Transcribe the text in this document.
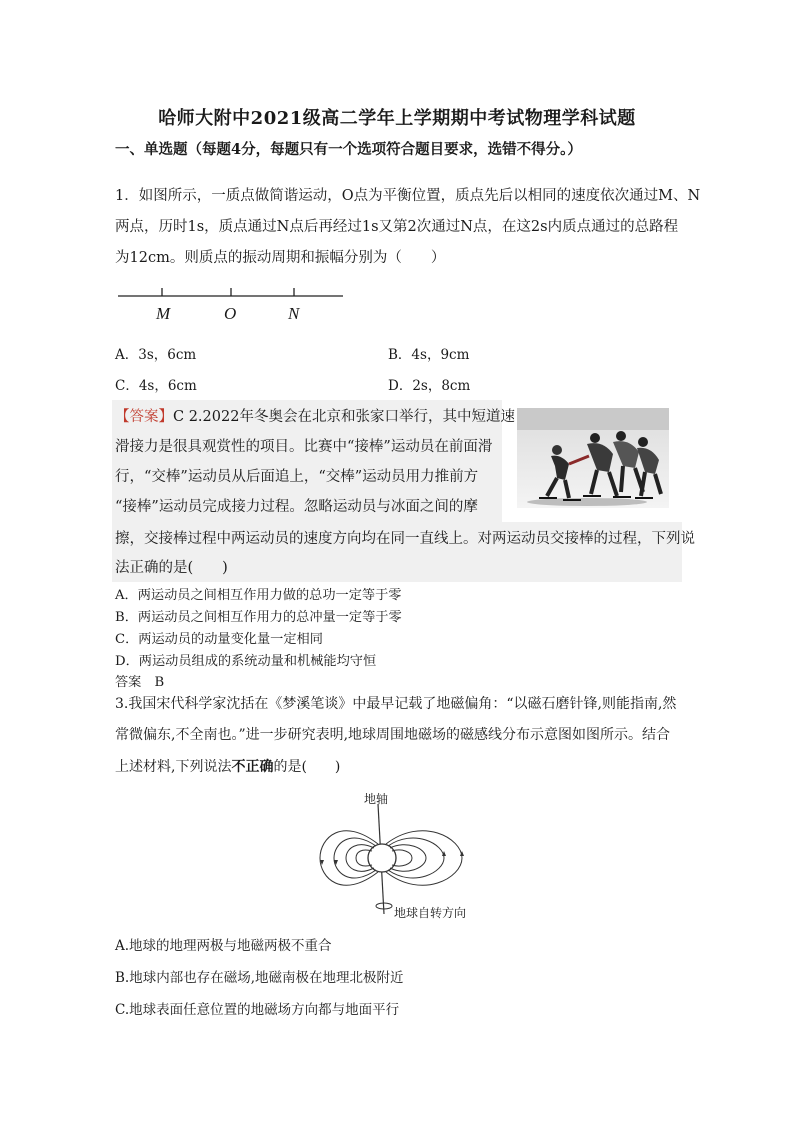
哈师大附中2021级高二学年上学期期中考试物理学科试题
一、单选题（每题4分，每题只有一个选项符合题目要求，选错不得分。）
1．如图所示，一质点做简谐运动，O点为平衡位置，质点先后以相同的速度依次通过M、N
两点，历时1s，质点通过N点后再经过1s又第2次通过N点，在这2s内质点通过的总路程
为12cm。则质点的振动周期和振幅分别为（　　）
M	O	N
A．3s，6cm	B．4s，9cm
C．4s，6cm	D．2s，8cm
【答案】C 2.2022年冬奥会在北京和张家口举行，其中短道速
滑接力是很具观赏性的项目。比赛中“接棒”运动员在前面滑
行，“交棒”运动员从后面追上，“交棒”运动员用力推前方
“接棒”运动员完成接力过程。忽略运动员与冰面之间的摩
擦，交接棒过程中两运动员的速度方向均在同一直线上。对两运动员交接棒的过程，下列说
法正确的是(　　)
A．两运动员之间相互作用力做的总功一定等于零
B．两运动员之间相互作用力的总冲量一定等于零
C．两运动员的动量变化量一定相同
D．两运动员组成的系统动量和机械能均守恒
答案　B
3.我国宋代科学家沈括在《梦溪笔谈》中最早记载了地磁偏角：“以磁石磨针锋,则能指南,然
常微偏东,不全南也。”进一步研究表明,地球周围地磁场的磁感线分布示意图如图所示。结合
上述材料,下列说法不正确的是(　　)
地轴
地球自转方向
A.地球的地理两极与地磁两极不重合
B.地球内部也存在磁场,地磁南极在地理北极附近
C.地球表面任意位置的地磁场方向都与地面平行
